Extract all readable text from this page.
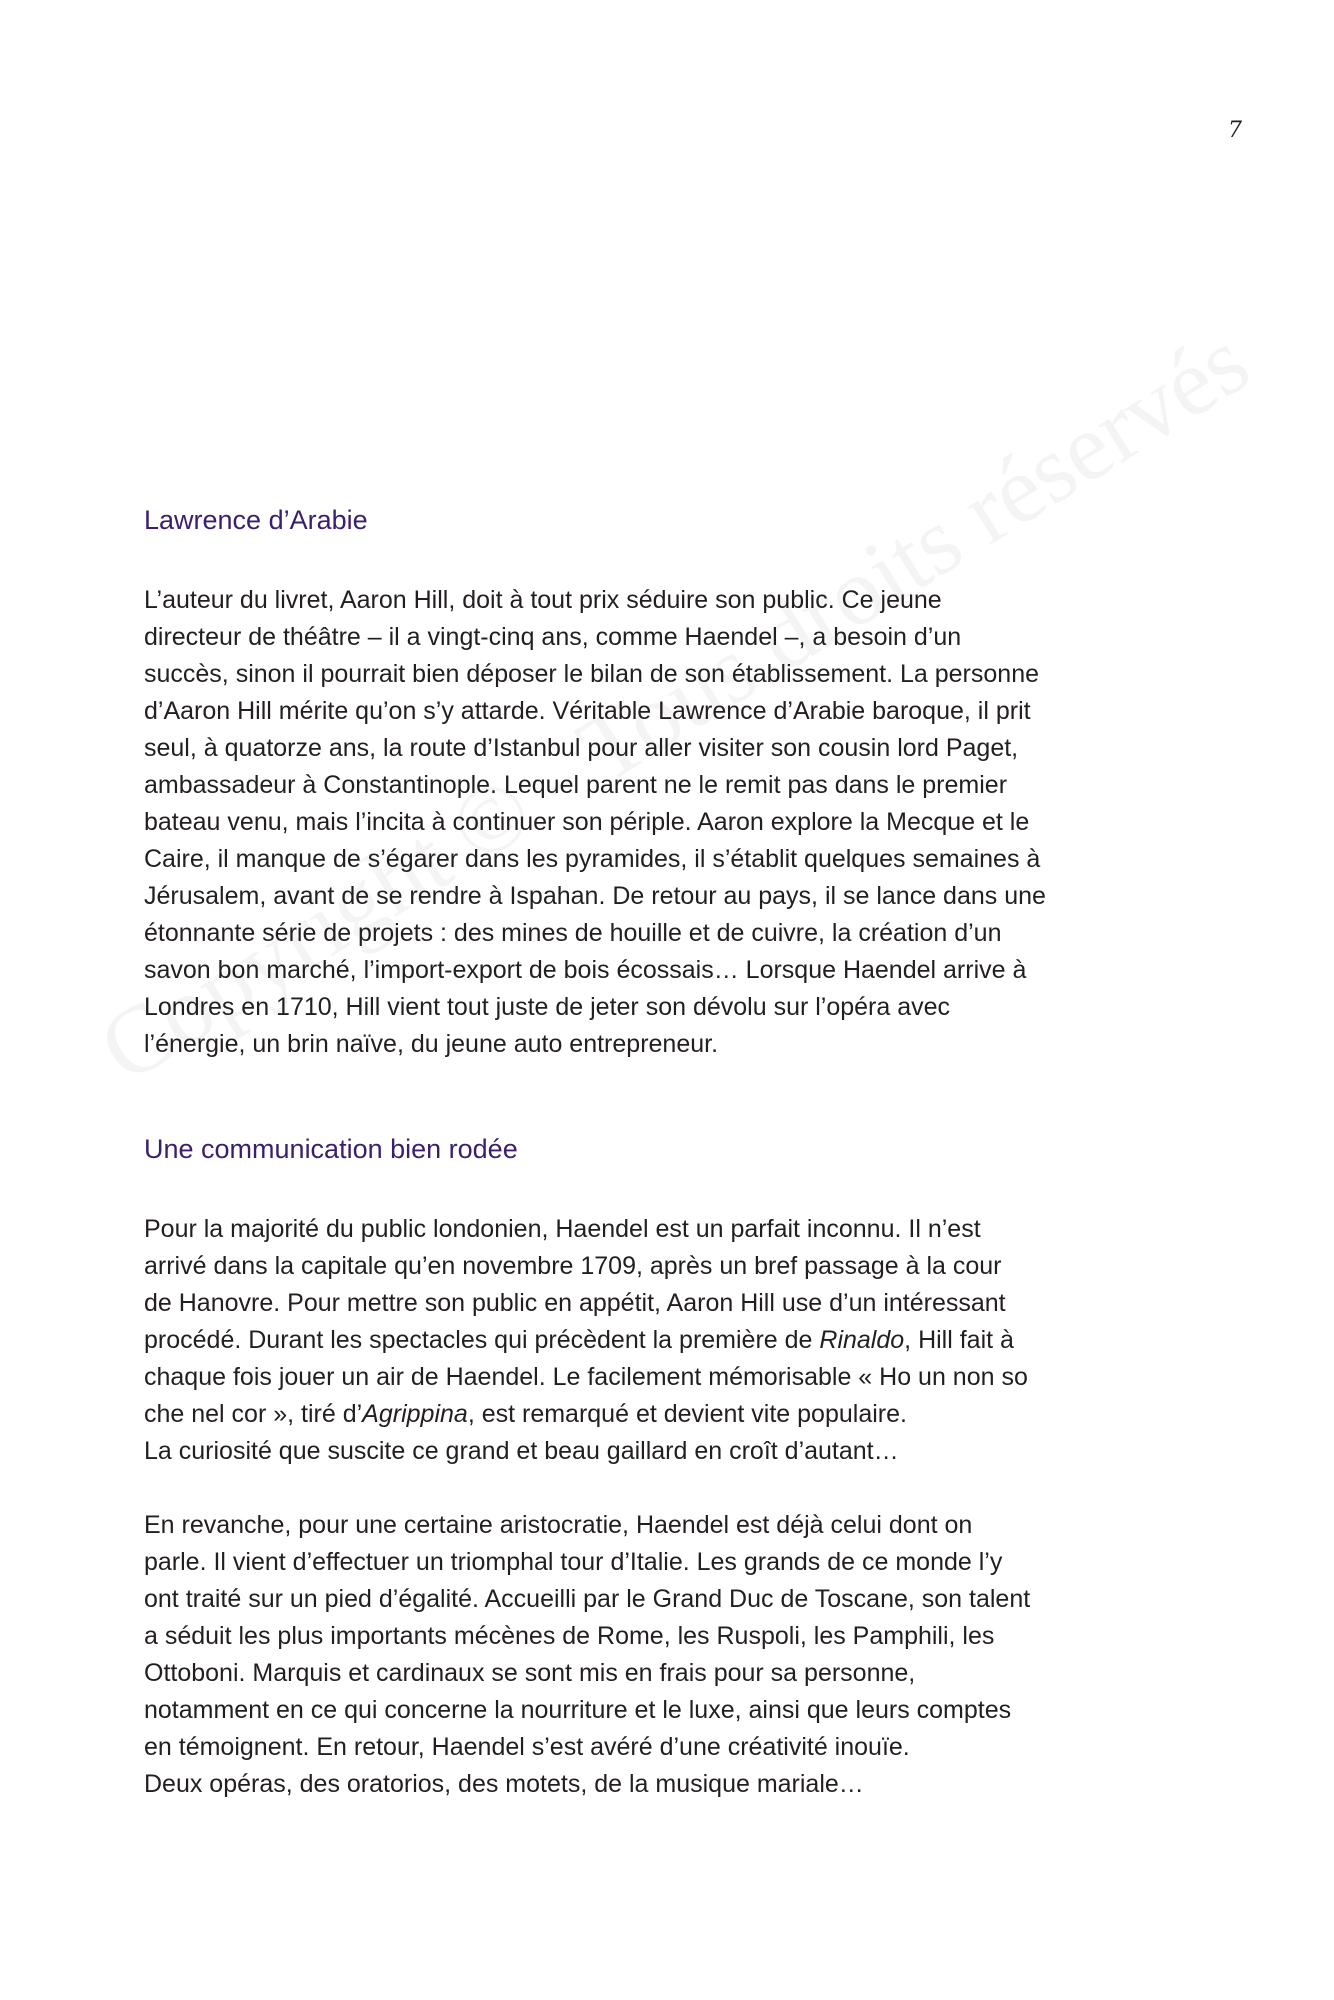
7
Lawrence d’Arabie

L’auteur du livret, Aaron Hill, doit à tout prix séduire son public. Ce jeune
directeur de théâtre – il a vingt-cinq ans, comme Haendel –, a besoin d’un
succès, sinon il pourrait bien déposer le bilan de son établissement. La personne
d’Aaron Hill mérite qu’on s’y attarde. Véritable Lawrence d’Arabie baroque, il prit
seul, à quatorze ans, la route d’Istanbul pour aller visiter son cousin lord Paget,
ambassadeur à Constantinople. Lequel parent ne le remit pas dans le premier
bateau venu, mais l’incita à continuer son périple. Aaron explore la Mecque et le
Caire, il manque de s’égarer dans les pyramides, il s’établit quelques semaines à
Jérusalem, avant de se rendre à Ispahan. De retour au pays, il se lance dans une
étonnante série de projets : des mines de houille et de cuivre, la création d’un
savon bon marché, l’import-export de bois écossais… Lorsque Haendel arrive à
Londres en 1710, Hill vient tout juste de jeter son dévolu sur l’opéra avec
l’énergie, un brin naïve, du jeune auto entrepreneur.

Une communication bien rodée

Pour la majorité du public londonien, Haendel est un parfait inconnu. Il n’est
arrivé dans la capitale qu’en novembre 1709, après un bref passage à la cour
de Hanovre. Pour mettre son public en appétit, Aaron Hill use d’un intéressant
procédé. Durant les spectacles qui précèdent la première de Rinaldo, Hill fait à
chaque fois jouer un air de Haendel. Le facilement mémorisable « Ho un non so
che nel cor », tiré d’Agrippina, est remarqué et devient vite populaire.
La curiosité que suscite ce grand et beau gaillard en croît d’autant…

En revanche, pour une certaine aristocratie, Haendel est déjà celui dont on
parle. Il vient d’effectuer un triomphal tour d’Italie. Les grands de ce monde l’y
ont traité sur un pied d’égalité. Accueilli par le Grand Duc de Toscane, son talent
a séduit les plus importants mécènes de Rome, les Ruspoli, les Pamphili, les
Ottoboni. Marquis et cardinaux se sont mis en frais pour sa personne,
notamment en ce qui concerne la nourriture et le luxe, ainsi que leurs comptes
en témoignent. En retour, Haendel s’est avéré d’une créativité inouïe.
Deux opéras, des oratorios, des motets, de la musique mariale…
